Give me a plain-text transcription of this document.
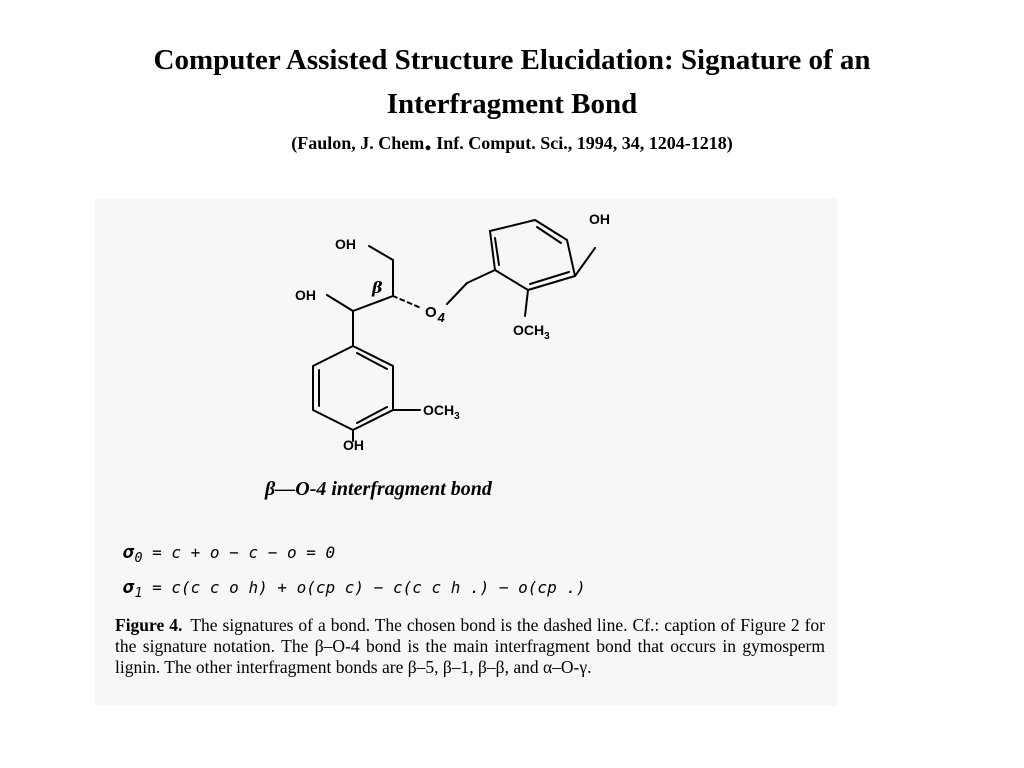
Computer Assisted Structure Elucidation: Signature of an Interfragment Bond
(Faulon, J. Chem. Inf. Comput. Sci., 1994, 34, 1204-1218)
OH
OH	β
O4
$OCH_3$
OH
$OCH_3$
OH
β—O-4 interfragment bond
$\sigma_0 = c + o - c - o = 0$
$\sigma_1 = c(c$ c o h) + o(cp c) − c(c c h .) − o(cp .)
Figure 4. The signatures of a bond. The chosen bond is the dashed line. Cf.: caption of Figure 2 for the signature notation. The β–O-4 bond is the main interfragment bond that occurs in gymosperm lignin. The other interfragment bonds are β–5, β–1, β–β, and α–O-γ.
